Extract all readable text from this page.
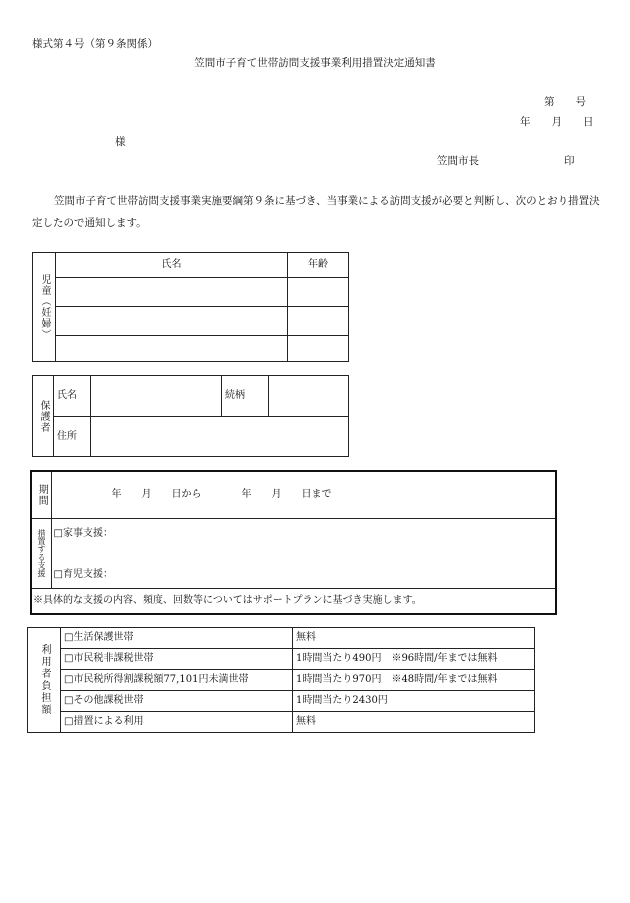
様式第４号（第９条関係）
笠間市子育て世帯訪問支援事業利用措置決定通知書
第　　号
年　　月　　日
様
笠間市長	印
笠間市子育て世帯訪問支援事業実施要綱第９条に基づき、当事業による訪問支援が必要と判断し、次のとおり措置決定したので通知します。
児童（妊婦）	氏名	年齢

保護者	氏名		続柄	
	住所			
期間	年　　月　　日から　　　　年　　月　　日まで
措置する支援	□家事支援：
□育児支援：

※具体的な支援の内容、頻度、回数等についてはサポートプランに基づき実施します。	
利用者負担額	□生活保護世帯	無料
	□市民税非課税世帯	1時間当たり490円　※96時間/年までは無料
	□市民税所得割課税額77,101円未満世帯	1時間当たり970円　※48時間/年までは無料
	□その他課税世帯	1時間当たり2430円
	□措置による利用	無料
